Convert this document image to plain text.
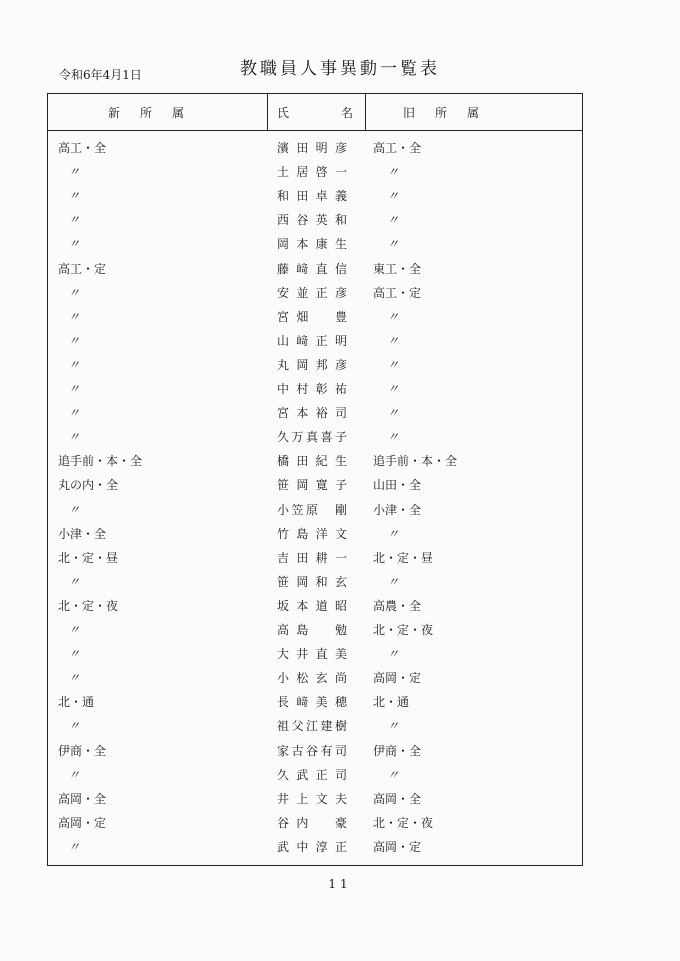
令和6年4月1日	教職員人事異動一覧表
新　所　属	氏　　　名	旧　所　属
高工・全	濱田明彦 高工・全
〃	土居啓一	〃
〃	和田卓義	〃
〃	西谷英和	〃
〃	岡本康生	〃
高工・定	藤﨑直信 東工・全
〃	安並正彦 高工・定
〃	宮畑　豊	〃
〃	山﨑正明	〃
〃	丸岡邦彦	〃
〃	中村彰祐	〃
〃	宮本裕司	〃
〃	久万真喜子	〃
追手前・本・全	橋田紀生 追手前・本・全
丸の内・全	笹岡寛子 山田・全
〃	小笠原　剛 小津・全
小津・全	竹島洋文	〃
北・定・昼	吉田耕一 北・定・昼
〃	笹岡和玄	〃
北・定・夜	坂本道昭 高農・全
〃	高島　勉 北・定・夜
〃	大井直美	〃
〃	小松玄尚 高岡・定
北・通	長﨑美穂 北・通
〃	祖父江建樹	〃
伊商・全	家古谷有司 伊商・全
〃	久武正司	〃
高岡・全	井上文夫 高岡・全
高岡・定	谷内　豪 北・定・夜
〃	武中淳正 高岡・定
11
